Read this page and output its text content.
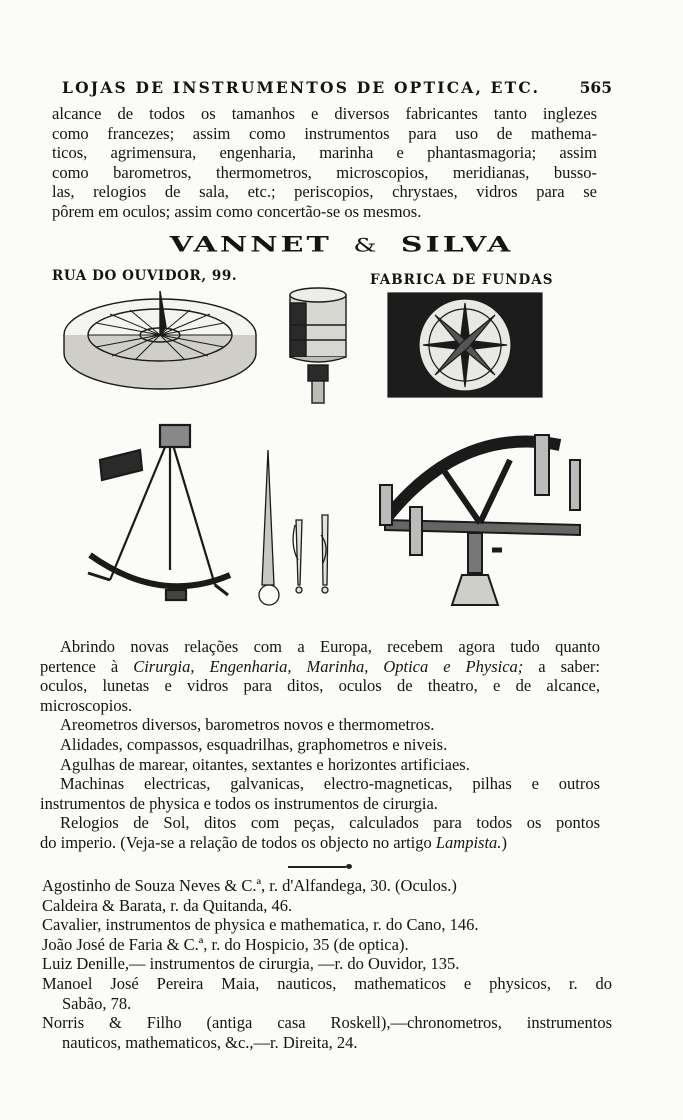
LOJAS DE INSTRUMENTOS DE OPTICA, ETC.	565
alcance de todos os tamanhos e diversos fabricantes tanto inglezes
como francezes; assim como instrumentos para uso de mathema-
ticos, agrimensura, engenharia, marinha e phantasmagoria; assim
como barometros, thermometros, microscopios, meridianas, busso-
las, relogios de sala, etc.; periscopios, chrystaes, vidros para se
pôrem em oculos; assim como concertão-se os mesmos.
VANNET & SILVA
RUA DO OUVIDOR, 99.	FABRICA DE FUNDAS
Abrindo novas relações com a Europa, recebem agora tudo quanto
pertence à Cirurgia, Engenharia, Marinha, Optica e Physica; a saber:
oculos, lunetas e vidros para ditos, oculos de theatro, e de alcance,
microscopios.
Areometros diversos, barometros novos e thermometros.
Alidades, compassos, esquadrilhas, graphometros e niveis.
Agulhas de marear, oitantes, sextantes e horizontes artificiaes.
Machinas electricas, galvanicas, electro-magneticas, pilhas e outros
instrumentos de physica e todos os instrumentos de cirurgia.
Relogios de Sol, ditos com peças, calculados para todos os pontos
do imperio. (Veja-se a relação de todos os objecto no artigo Lampista.)
Agostinho de Souza Neves & C.ª, r. d'Alfandega, 30. (Oculos.)
Caldeira & Barata, r. da Quitanda, 46.
Cavalier, instrumentos de physica e mathematica, r. do Cano, 146.
João José de Faria & C.ª, r. do Hospicio, 35 (de optica).
Luiz Denille,— instrumentos de cirurgia, —r. do Ouvidor, 135.
Manoel José Pereira Maia, nauticos, mathematicos e physicos, r. do
Sabão, 78.
Norris & Filho (antiga casa Roskell),—chronometros, instrumentos
nauticos, mathematicos, &c.,—r. Direita, 24.
